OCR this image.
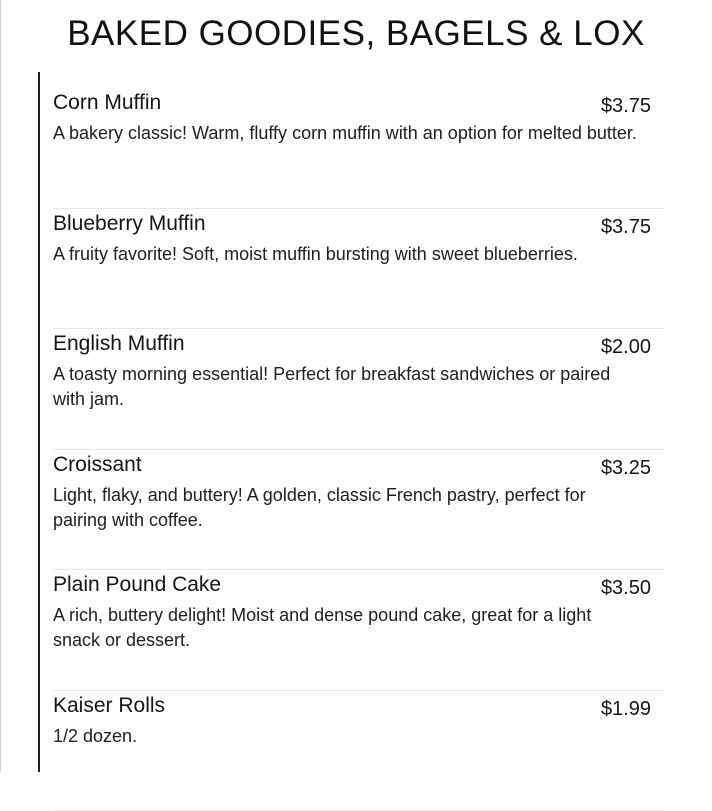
BAKED GOODIES, BAGELS & LOX
Corn Muffin	$3.75
A bakery classic! Warm, fluffy corn muffin with an option for melted butter.
Blueberry Muffin	$3.75
A fruity favorite! Soft, moist muffin bursting with sweet blueberries.
English Muffin	$2.00
A toasty morning essential! Perfect for breakfast sandwiches or paired with jam.
Croissant	$3.25
Light, flaky, and buttery! A golden, classic French pastry, perfect for pairing with coffee.
Plain Pound Cake	$3.50
A rich, buttery delight! Moist and dense pound cake, great for a light snack or dessert.
Kaiser Rolls	$1.99
1/2 dozen.
